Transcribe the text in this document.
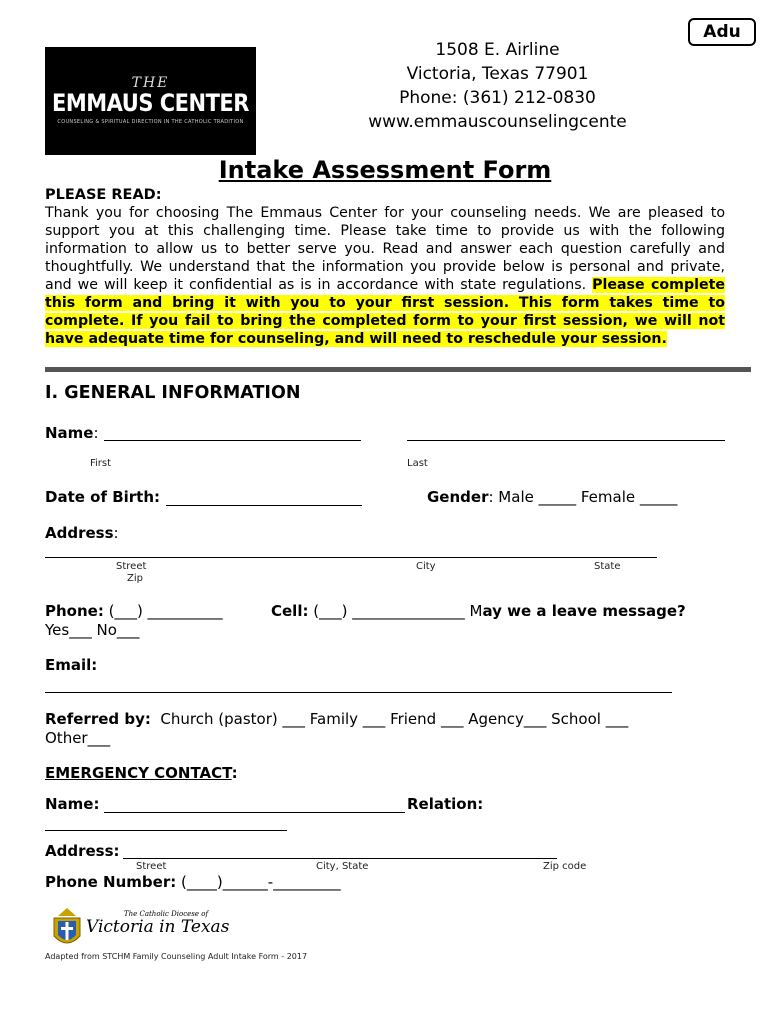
Adu
THE
EMMAUS CENTER
COUNSELING & SPIRITUAL DIRECTION IN THE CATHOLIC TRADITION
1508 E. Airline
Victoria, Texas 77901
Phone: (361) 212-0830
www.emmauscounselingcente
Intake Assessment Form
PLEASE READ:

Thank you for choosing The Emmaus Center for your counseling needs. We are pleased to support you at this challenging time. Please take time to provide us with the following information to allow us to better serve you. Read and answer each question carefully and thoughtfully. We understand that the information you provide below is personal and private, and we will keep it confidential as is in accordance with state regulations. Please complete this form and bring it with you to your first session. This form takes time to complete. If you fail to bring the completed form to your first session, we will not have adequate time for counseling, and will need to reschedule your session.

I. GENERAL INFORMATION
Name:
First	Last
Date of Birth:	Gender: Male _____ Female _____
Address:
Street	City	State
Zip
Phone: (___) __________	Cell: (___) _______________ May we a leave message?
Yes___ No___
Email:
Referred by: Church (pastor) ___ Family ___ Friend ___ Agency___ School ___
Other___
EMERGENCY CONTACT:
Name:	Relation:
Address:
Street	City, State	Zip code
Phone Number: (____)______-_________
The Catholic Diocese of
Victoria in Texas
Adapted from STCHM Family Counseling Adult Intake Form - 2017
